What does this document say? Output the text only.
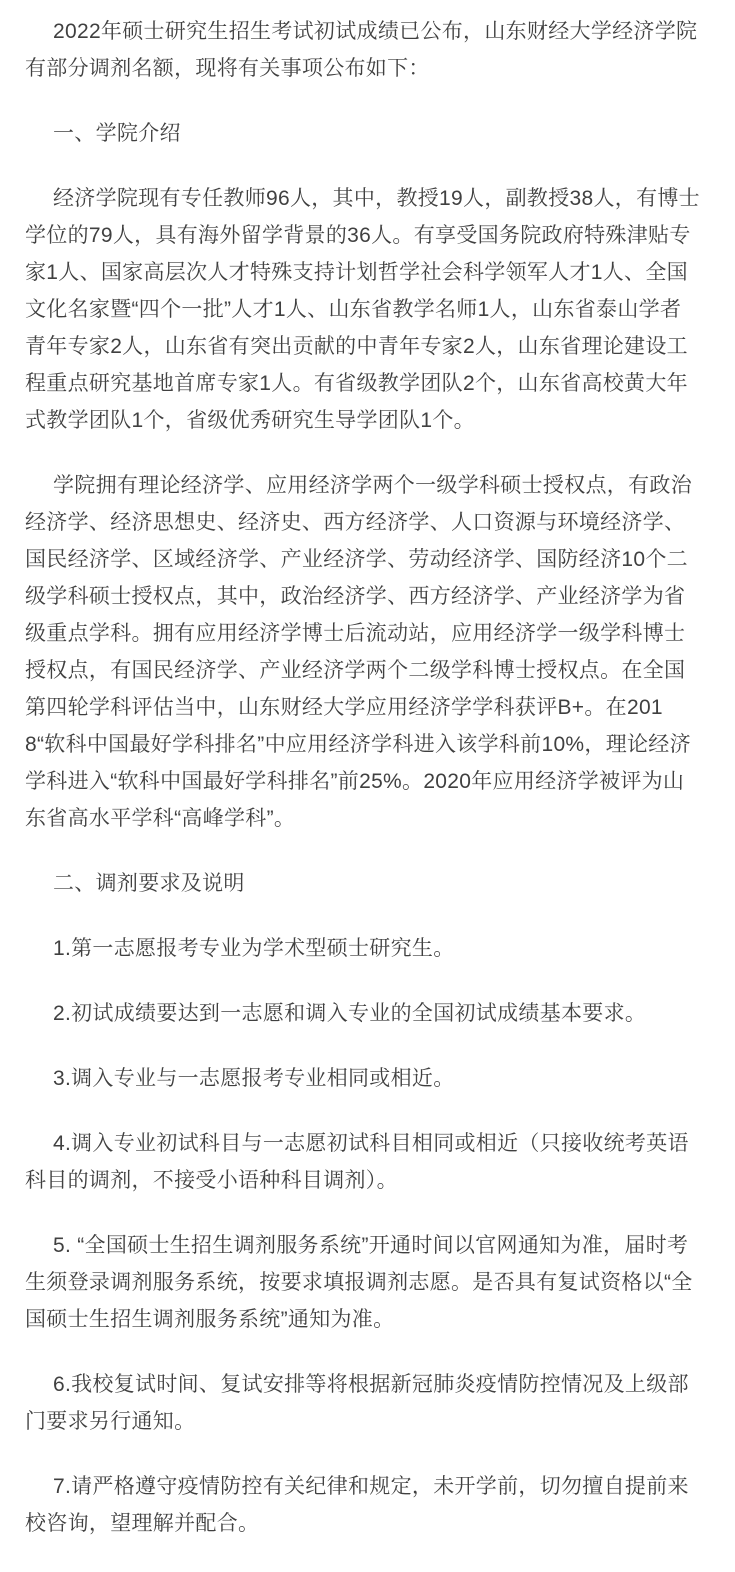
2022年硕士研究生招生考试初试成绩已公布，山东财经大学经济学院有部分调剂名额，现将有关事项公布如下：

一、学院介绍

经济学院现有专任教师96人，其中，教授19人，副教授38人，有博士学位的79人，具有海外留学背景的36人。有享受国务院政府特殊津贴专家1人、国家高层次人才特殊支持计划哲学社会科学领军人才1人、全国文化名家暨“四个一批”人才1人、山东省教学名师1人，山东省泰山学者青年专家2人，山东省有突出贡献的中青年专家2人，山东省理论建设工程重点研究基地首席专家1人。有省级教学团队2个，山东省高校黄大年式教学团队1个，省级优秀研究生导学团队1个。

学院拥有理论经济学、应用经济学两个一级学科硕士授权点，有政治经济学、经济思想史、经济史、西方经济学、人口资源与环境经济学、国民经济学、区域经济学、产业经济学、劳动经济学、国防经济10个二级学科硕士授权点，其中，政治经济学、西方经济学、产业经济学为省级重点学科。拥有应用经济学博士后流动站，应用经济学一级学科博士授权点，有国民经济学、产业经济学两个二级学科博士授权点。在全国第四轮学科评估当中，山东财经大学应用经济学学科获评B+。在2018“软科中国最好学科排名”中应用经济学科进入该学科前10%，理论经济学科进入“软科中国最好学科排名”前25%。2020年应用经济学被评为山东省高水平学科“高峰学科”。

二、调剂要求及说明

1.第一志愿报考专业为学术型硕士研究生。

2.初试成绩要达到一志愿和调入专业的全国初试成绩基本要求。

3.调入专业与一志愿报考专业相同或相近。

4.调入专业初试科目与一志愿初试科目相同或相近（只接收统考英语科目的调剂，不接受小语种科目调剂）。

5. “全国硕士生招生调剂服务系统”开通时间以官网通知为准，届时考生须登录调剂服务系统，按要求填报调剂志愿。是否具有复试资格以“全国硕士生招生调剂服务系统”通知为准。

6.我校复试时间、复试安排等将根据新冠肺炎疫情防控情况及上级部门要求另行通知。

7.请严格遵守疫情防控有关纪律和规定，未开学前，切勿擅自提前来校咨询，望理解并配合。
